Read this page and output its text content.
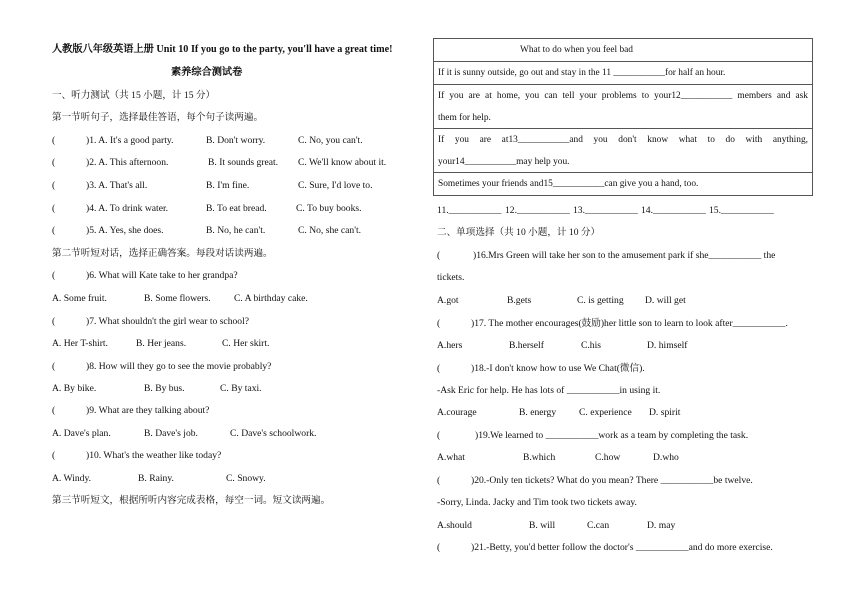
人教版八年级英语上册 Unit 10 If you go to the party, you'll have a great time!
素养综合测试卷
一、听力测试（共 15 小题，计 15 分）
第一节听句子，选择最佳答语，每个句子读两遍。
(	)1. A. It's a good party.	B. Don't worry.	C. No, you can't.
(	)2. A. This afternoon.	B. It sounds great. C. We'll know about it.
(	)3. A. That's all.	B. I'm fine.	C. Sure, I'd love to.
(	)4. A. To drink water.	B. To eat bread.	C. To buy books.
(	)5. A. Yes, she does.	B. No, he can't.	C. No, she can't.
第二节听短对话，选择正确答案。每段对话读两遍。
(	)6. What will Kate take to her grandpa?
A. Some fruit.	B. Some flowers. C. A birthday cake.
(	)7. What shouldn't the girl wear to school?
A. Her T-shirt.	B. Her jeans.	C. Her skirt.
(	)8. How will they go to see the movie probably?
A. By bike.	B. By bus.	C. By taxi.
(	)9. What are they talking about?
A. Dave's plan.	B. Dave's job.	C. Dave's schoolwork.
(	)10. What's the weather like today?
A. Windy.	B. Rainy.	C. Snowy.
第三节听短文，根据所听内容完成表格，每空一词。短文读两遍。
What to do when you feel bad
If it is sunny outside, go out and stay in the 11 ___________for half an hour.

If you are at home, you can tell your problems to your12___________ members and ask
them for help.

If you are at13___________and you don't know what to do with anything,
your14___________may help you.
Sometimes your friends and15___________can give you a hand, too.
11.___________ 12.___________ 13.___________ 14.___________ 15.___________
二、单项选择（共 10 小题，计 10 分）
(	)16.Mrs Green will take her son to the amusement park if she___________ the
tickets.
A.got	B.gets	C. is getting D. will get
(	)17. The mother encourages(鼓励)her little son to learn to look after___________.
A.hers	B.herself	C.his	D. himself
(	)18.-I don't know how to use We Chat(微信).
-Ask Eric for help. He has lots of ___________in using it.
A.courage	B. energy C. experience D. spirit
(	)19.We learned to ___________work as a team by completing the task.
A.what	B.which	C.how	D.who
(	)20.-Only ten tickets? What do you mean? There ___________be twelve.
-Sorry, Linda. Jacky and Tim took two tickets away.
A.should	B. will	C.can	D. may
(	)21.-Betty, you'd better follow the doctor's ___________and do more exercise.
